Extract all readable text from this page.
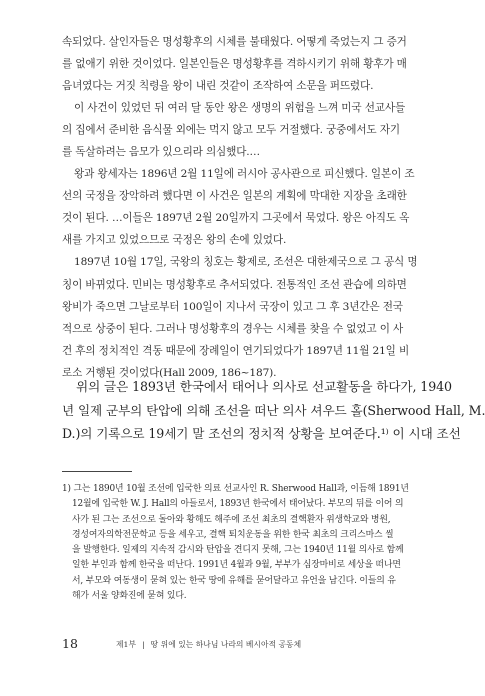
속되었다. 살인자들은 명성황후의 시체를 불태웠다. 어떻게 죽었는지 그 증거
를 없애기 위한 것이었다. 일본인들은 명성황후를 격하시키기 위해 황후가 매
음녀였다는 거짓 칙령을 왕이 내린 것같이 조작하여 소문을 퍼뜨렸다.
이 사건이 있었던 뒤 여러 달 동안 왕은 생명의 위험을 느껴 미국 선교사들
의 집에서 준비한 음식물 외에는 먹지 않고 모두 거절했다. 궁중에서도 자기
를 독살하려는 음모가 있으리라 의심했다.…
왕과 왕세자는 1896년 2월 11일에 러시아 공사관으로 피신했다. 일본이 조
선의 국정을 장악하려 했다면 이 사건은 일본의 계획에 막대한 지장을 초래한
것이 된다. …이들은 1897년 2월 20일까지 그곳에서 묵었다. 왕은 아직도 옥
새를 가지고 있었으므로 국정은 왕의 손에 있었다.
1897년 10월 17일, 국왕의 칭호는 황제로, 조선은 대한제국으로 그 공식 명
칭이 바뀌었다. 민비는 명성황후로 추서되었다. 전통적인 조선 관습에 의하면
왕비가 죽으면 그날로부터 100일이 지나서 국장이 있고 그 후 3년간은 전국
적으로 상중이 된다. 그러나 명성황후의 경우는 시체를 찾을 수 없었고 이 사
건 후의 정치적인 격동 때문에 장례일이 연기되었다가 1897년 11월 21일 비
로소 거행된 것이었다(Hall 2009, 186~187).
위의 글은 1893년 한국에서 태어나 의사로 선교활동을 하다가, 1940
년 일제 군부의 탄압에 의해 조선을 떠난 의사 셔우드 홀(Sherwood Hall, M.
D.)의 기록으로 19세기 말 조선의 정치적 상황을 보여준다.¹⁾ 이 시대 조선
1) 그는 1890년 10월 조선에 입국한 의료 선교사인 R. Sherwood Hall과, 이듬해 1891년
12월에 입국한 W. J. Hall의 아들로서, 1893년 한국에서 태어났다. 부모의 뒤를 이어 의
사가 된 그는 조선으로 돌아와 황해도 해주에 조선 최초의 결핵환자 위생학교와 병원,
경성여자의학전문학교 등을 세우고, 결핵 퇴치운동을 위한 한국 최초의 크리스마스 씰
을 발행한다. 일제의 지속적 감시와 탄압을 견디지 못해, 그는 1940년 11월 의사로 함께
일한 부인과 함께 한국을 떠난다. 1991년 4월과 9월, 부부가 심장마비로 세상을 떠나면
서, 부모와 여동생이 묻혀 있는 한국 땅에 유해를 묻어달라고 유언을 남긴다. 이들의 유
해가 서울 양화진에 묻혀 있다.
18	제1부 | 땅 위에 있는 하나님 나라의 베시아적 공동체
